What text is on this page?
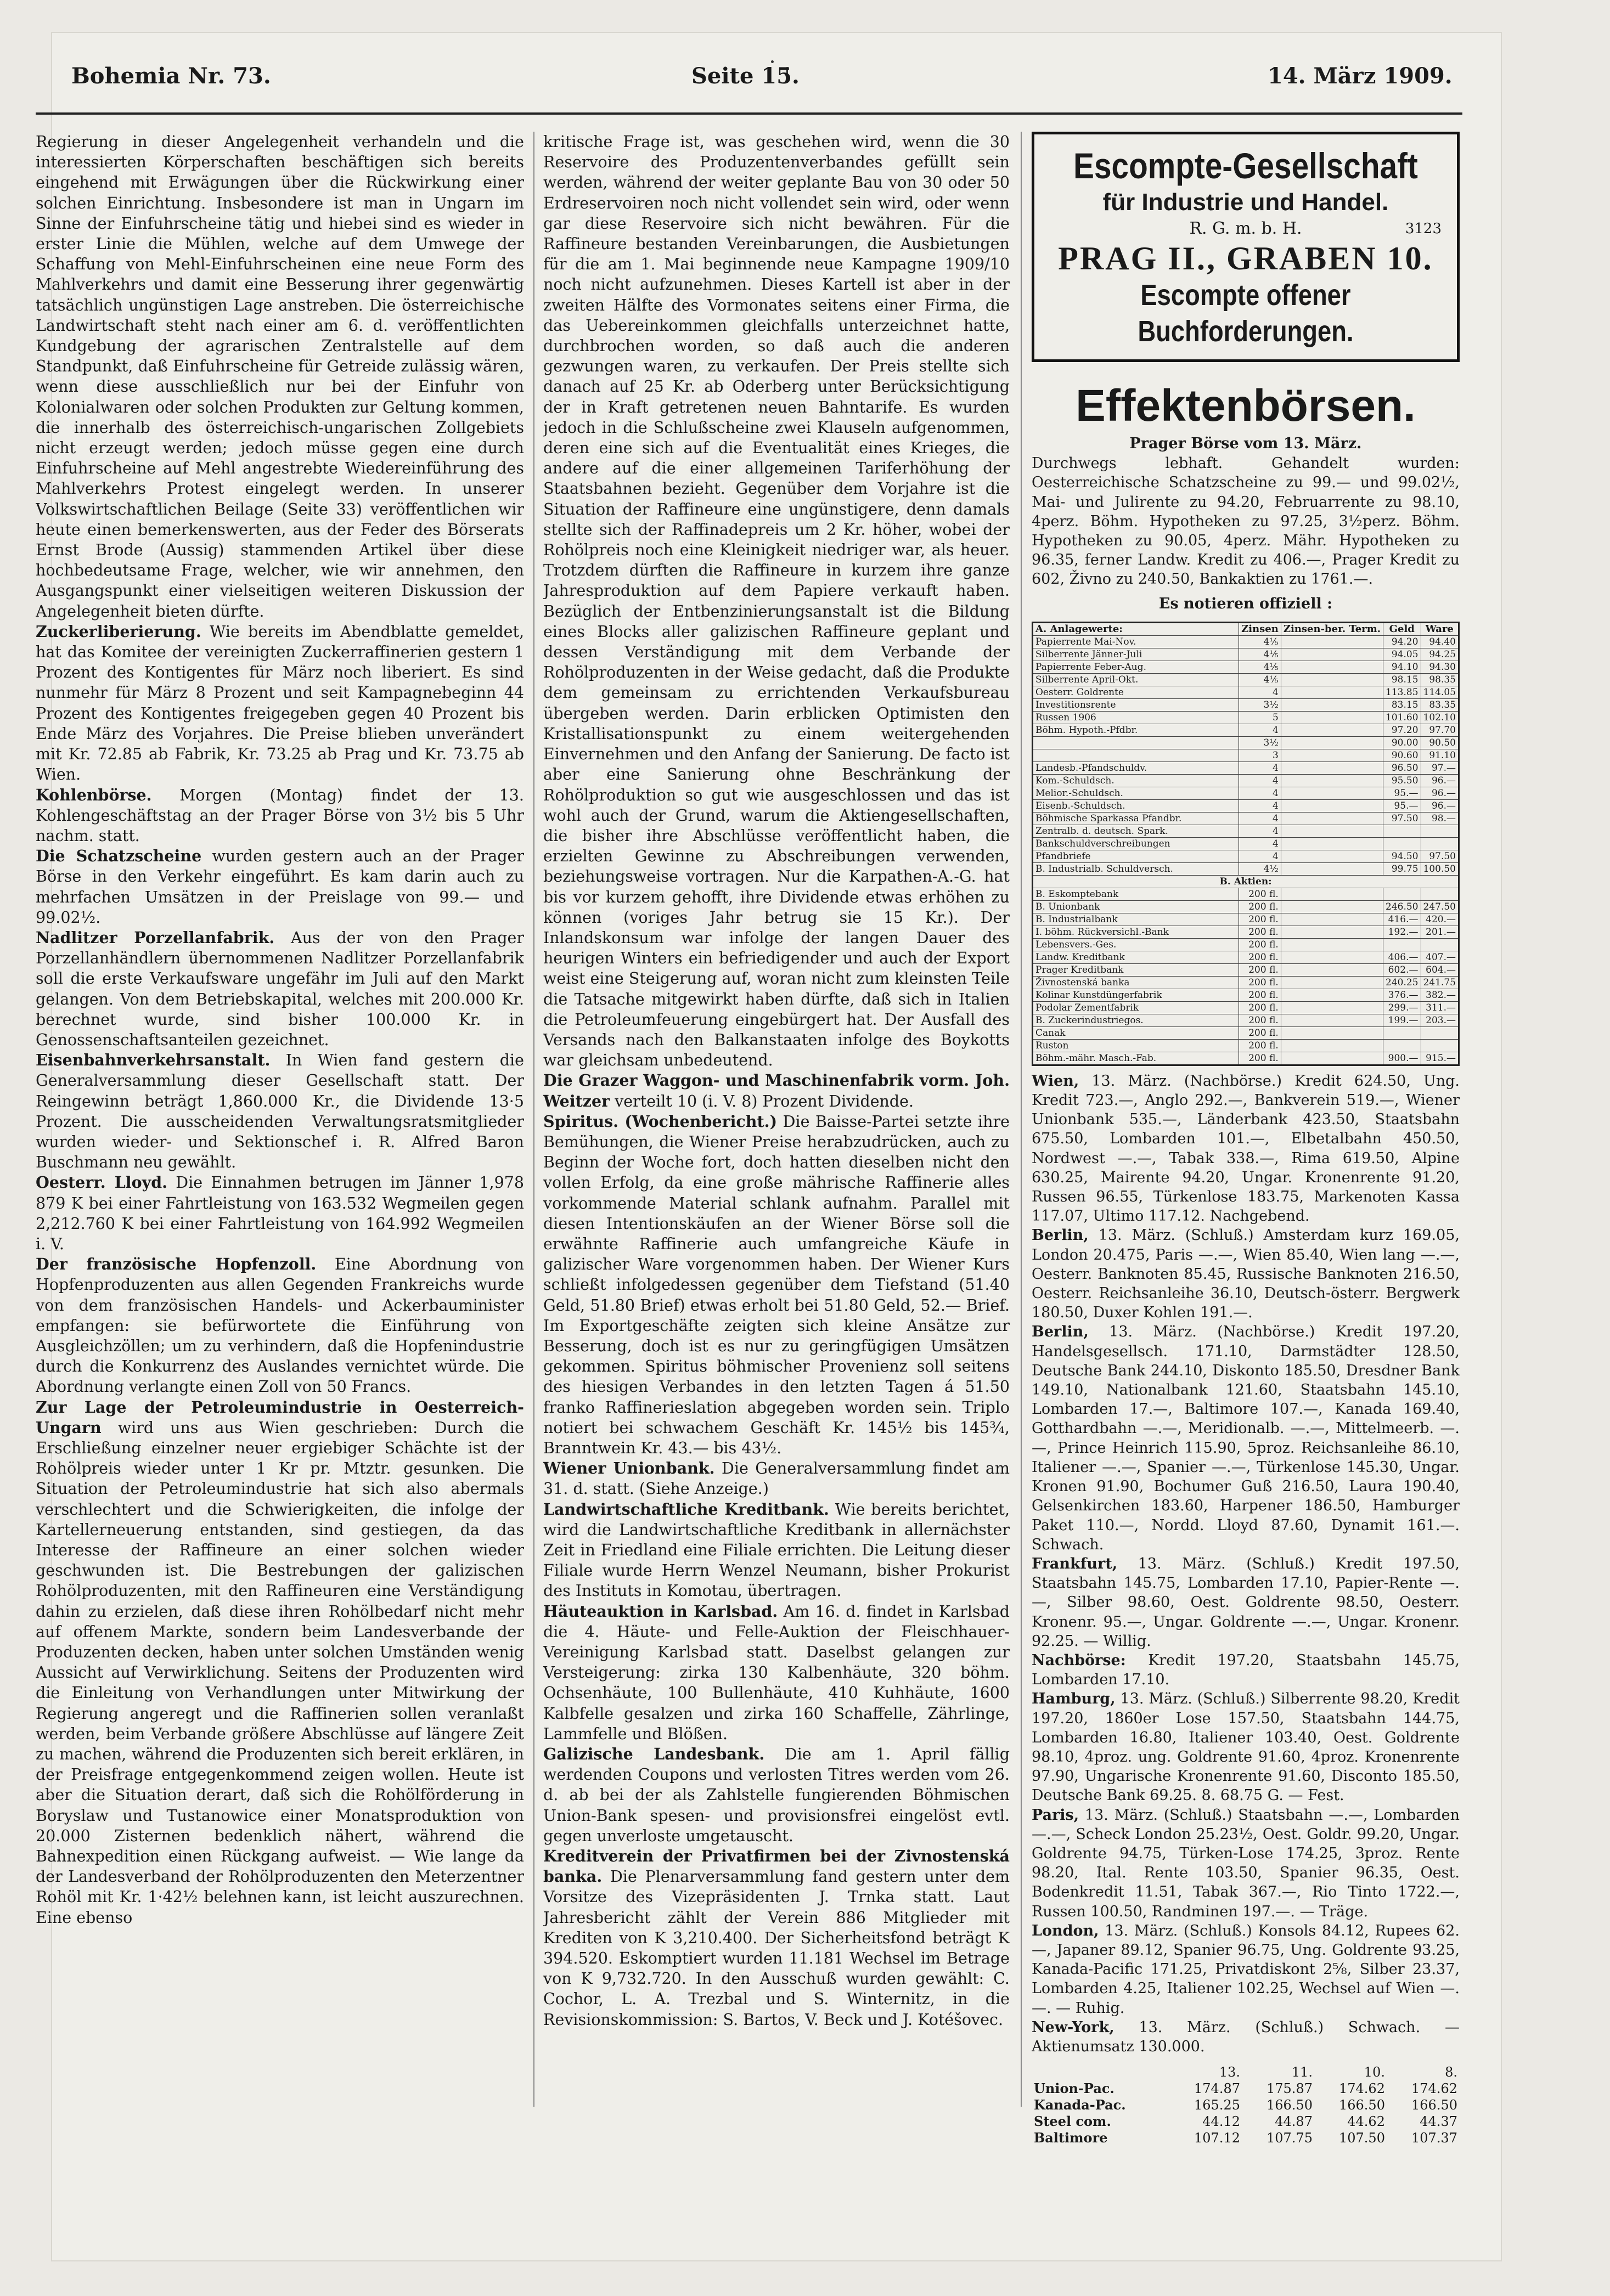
Bohemia Nr. 73.	Seite 15.	14. März 1909.

Regierung in dieser Angelegenheit verhandeln und die interessierten Körperschaften beschäftigen sich bereits eingehend mit Erwägungen über die Rückwirkung einer solchen Einrichtung. Insbesondere ist man in Ungarn im Sinne der Einfuhrscheine tätig und hiebei sind es wieder in erster Linie die Mühlen, welche auf dem Umwege der Schaffung von Mehl-Einfuhrscheinen eine neue Form des Mahlverkehrs und damit eine Besserung ihrer gegenwärtig tatsächlich ungünstigen Lage anstreben. Die österreichische Landwirtschaft steht nach einer am 6. d. veröffentlichten Kundgebung der agrarischen Zentralstelle auf dem Standpunkt, daß Einfuhrscheine für Getreide zulässig wären, wenn diese ausschließlich nur bei der Einfuhr von Kolonialwaren oder solchen Produkten zur Geltung kommen, die innerhalb des österreichisch-ungarischen Zollgebiets nicht erzeugt werden; jedoch müsse gegen eine durch Einfuhrscheine auf Mehl angestrebte Wiedereinführung des Mahlverkehrs Protest eingelegt werden. In unserer Volkswirtschaftlichen Beilage (Seite 33) veröffentlichen wir heute einen bemerkenswerten, aus der Feder des Börserats Ernst Brode (Aussig) stammenden Artikel über diese hochbedeutsame Frage, welcher, wie wir annehmen, den Ausgangspunkt einer vielseitigen weiteren Diskussion der Angelegenheit bieten dürfte.

Zuckerliberierung. Wie bereits im Abendblatte gemeldet, hat das Komitee der vereinigten Zuckerraffinerien gestern 1 Prozent des Kontigentes für März noch liberiert. Es sind nunmehr für März 8 Prozent und seit Kampagnebeginn 44 Prozent des Kontigentes freigegeben gegen 40 Prozent bis Ende März des Vorjahres. Die Preise blieben unverändert mit Kr. 72.85 ab Fabrik, Kr. 73.25 ab Prag und Kr. 73.75 ab Wien.

Kohlenbörse. Morgen (Montag) findet der 13. Kohlengeschäftstag an der Prager Börse von 3½ bis 5 Uhr nachm. statt.

Die Schatzscheine wurden gestern auch an der Prager Börse in den Verkehr eingeführt. Es kam darin auch zu mehrfachen Umsätzen in der Preislage von 99.— und 99.02½.

Nadlitzer Porzellanfabrik. Aus der von den Prager Porzellanhändlern übernommenen Nadlitzer Porzellanfabrik soll die erste Verkaufsware ungefähr im Juli auf den Markt gelangen. Von dem Betriebskapital, welches mit 200.000 Kr. berechnet wurde, sind bisher 100.000 Kr. in Genossenschaftsanteilen gezeichnet.

Eisenbahnverkehrsanstalt. In Wien fand gestern die Generalversammlung dieser Gesellschaft statt. Der Reingewinn beträgt 1,860.000 Kr., die Dividende 13·5 Prozent. Die ausscheidenden Verwaltungsratsmitglieder wurden wieder- und Sektionschef i. R. Alfred Baron Buschmann neu gewählt.

Oesterr. Lloyd. Die Einnahmen betrugen im Jänner 1,978 879 K bei einer Fahrtleistung von 163.532 Wegmeilen gegen 2,212.760 K bei einer Fahrtleistung von 164.992 Wegmeilen i. V.

Der französische Hopfenzoll. Eine Abordnung von Hopfenproduzenten aus allen Gegenden Frankreichs wurde von dem französischen Handels- und Ackerbauminister empfangen: sie befürwortete die Einführung von Ausgleichzöllen; um zu verhindern, daß die Hopfenindustrie durch die Konkurrenz des Auslandes vernichtet würde. Die Abordnung verlangte einen Zoll von 50 Francs.

Zur Lage der Petroleumindustrie in Oesterreich-Ungarn wird uns aus Wien geschrieben: Durch die Erschließung einzelner neuer ergiebiger Schächte ist der Rohölpreis wieder unter 1 Kr pr. Mtztr. gesunken. Die Situation der Petroleumindustrie hat sich also abermals verschlechtert und die Schwierigkeiten, die infolge der Kartellerneuerung entstanden, sind gestiegen, da das Interesse der Raffineure an einer solchen wieder geschwunden ist. Die Bestrebungen der galizischen Rohölproduzenten, mit den Raffineuren eine Verständigung dahin zu erzielen, daß diese ihren Rohölbedarf nicht mehr auf offenem Markte, sondern beim Landesverbande der Produzenten decken, haben unter solchen Umständen wenig Aussicht auf Verwirklichung. Seitens der Produzenten wird die Einleitung von Verhandlungen unter Mitwirkung der Regierung angeregt und die Raffinerien sollen veranlaßt werden, beim Verbande größere Abschlüsse auf längere Zeit zu machen, während die Produzenten sich bereit erklären, in der Preisfrage entgegenkommend zeigen wollen. Heute ist aber die Situation derart, daß sich die Rohölförderung in Boryslaw und Tustanowice einer Monatsproduktion von 20.000 Zisternen bedenklich nähert, während die Bahnexpedition einen Rückgang aufweist. — Wie lange da der Landesverband der Rohölproduzenten den Meterzentner Rohöl mit Kr. 1·42½ belehnen kann, ist leicht auszurechnen. Eine ebenso

kritische Frage ist, was geschehen wird, wenn die 30 Reservoire des Produzentenverbandes gefüllt sein werden, während der weiter geplante Bau von 30 oder 50 Erdreservoiren noch nicht vollendet sein wird, oder wenn gar diese Reservoire sich nicht bewähren. Für die Raffineure bestanden Vereinbarungen, die Ausbietungen für die am 1. Mai beginnende neue Kampagne 1909/10 noch nicht aufzunehmen. Dieses Kartell ist aber in der zweiten Hälfte des Vormonates seitens einer Firma, die das Uebereinkommen gleichfalls unterzeichnet hatte, durchbrochen worden, so daß auch die anderen gezwungen waren, zu verkaufen. Der Preis stellte sich danach auf 25 Kr. ab Oderberg unter Berücksichtigung der in Kraft getretenen neuen Bahntarife. Es wurden jedoch in die Schlußscheine zwei Klauseln aufgenommen, deren eine sich auf die Eventualität eines Krieges, die andere auf die einer allgemeinen Tariferhöhung der Staatsbahnen bezieht. Gegenüber dem Vorjahre ist die Situation der Raffineure eine ungünstigere, denn damals stellte sich der Raffinadepreis um 2 Kr. höher, wobei der Rohölpreis noch eine Kleinigkeit niedriger war, als heuer. Trotzdem dürften die Raffineure in kurzem ihre ganze Jahresproduktion auf dem Papiere verkauft haben. Bezüglich der Entbenzinierungsanstalt ist die Bildung eines Blocks aller galizischen Raffineure geplant und dessen Verständigung mit dem Verbande der Rohölproduzenten in der Weise gedacht, daß die Produkte dem gemeinsam zu errichtenden Verkaufsbureau übergeben werden. Darin erblicken Optimisten den Kristallisationspunkt zu einem weitergehenden Einvernehmen und den Anfang der Sanierung. De facto ist aber eine Sanierung ohne Beschränkung der Rohölproduktion so gut wie ausgeschlossen und das ist wohl auch der Grund, warum die Aktiengesellschaften, die bisher ihre Abschlüsse veröffentlicht haben, die erzielten Gewinne zu Abschreibungen verwenden, beziehungsweise vortragen. Nur die Karpathen-A.-G. hat bis vor kurzem gehofft, ihre Dividende etwas erhöhen zu können (voriges Jahr betrug sie 15 Kr.). Der Inlandskonsum war infolge der langen Dauer des heurigen Winters ein befriedigender und auch der Export weist eine Steigerung auf, woran nicht zum kleinsten Teile die Tatsache mitgewirkt haben dürfte, daß sich in Italien die Petroleumfeuerung eingebürgert hat. Der Ausfall des Versands nach den Balkanstaaten infolge des Boykotts war gleichsam unbedeutend.

Die Grazer Waggon- und Maschinenfabrik vorm. Joh. Weitzer verteilt 10 (i. V. 8) Prozent Dividende.

Spiritus. (Wochenbericht.) Die Baisse-Partei setzte ihre Bemühungen, die Wiener Preise herabzudrücken, auch zu Beginn der Woche fort, doch hatten dieselben nicht den vollen Erfolg, da eine große mährische Raffinerie alles vorkommende Material schlank aufnahm. Parallel mit diesen Intentionskäufen an der Wiener Börse soll die erwähnte Raffinerie auch umfangreiche Käufe in galizischer Ware vorgenommen haben. Der Wiener Kurs schließt infolgedessen gegenüber dem Tiefstand (51.40 Geld, 51.80 Brief) etwas erholt bei 51.80 Geld, 52.— Brief. Im Exportgeschäfte zeigten sich kleine Ansätze zur Besserung, doch ist es nur zu geringfügigen Umsätzen gekommen. Spiritus böhmischer Provenienz soll seitens des hiesigen Verbandes in den letzten Tagen á 51.50 franko Raffinerieslation abgegeben worden sein. Triplo notiert bei schwachem Geschäft Kr. 145½ bis 145¾, Branntwein Kr. 43.— bis 43½.

Wiener Unionbank. Die Generalversammlung findet am 31. d. statt. (Siehe Anzeige.)

Landwirtschaftliche Kreditbank. Wie bereits berichtet, wird die Landwirtschaftliche Kreditbank in allernächster Zeit in Friedland eine Filiale errichten. Die Leitung dieser Filiale wurde Herrn Wenzel Neumann, bisher Prokurist des Instituts in Komotau, übertragen.

Häuteauktion in Karlsbad. Am 16. d. findet in Karlsbad die 4. Häute- und Felle-Auktion der Fleischhauer-Vereinigung Karlsbad statt. Daselbst gelangen zur Versteigerung: zirka 130 Kalbenhäute, 320 böhm. Ochsenhäute, 100 Bullenhäute, 410 Kuhhäute, 1600 Kalbfelle gesalzen und zirka 160 Schaffelle, Zährlinge, Lammfelle und Blößen.

Galizische Landesbank. Die am 1. April fällig werdenden Coupons und verlosten Titres werden vom 26. d. ab bei der als Zahlstelle fungierenden Böhmischen Union-Bank spesen- und provisionsfrei eingelöst evtl. gegen unverloste umgetauscht.

Kreditverein der Privatfirmen bei der Zivnostenská banka. Die Plenarversammlung fand gestern unter dem Vorsitze des Vizepräsidenten J. Trnka statt. Laut Jahresbericht zählt der Verein 886 Mitglieder mit Krediten von K 3,210.400. Der Sicherheitsfond beträgt K 394.520. Eskomptiert wurden 11.181 Wechsel im Betrage von K 9,732.720. In den Ausschuß wurden gewählt: C. Cochor, L. A. Trezbal und S. Winternitz, in die Revisionskommission: S. Bartos, V. Beck und J. Kotéšovec.

Escompte-Gesellschaft
für Industrie und Handel.
R. G. m. b. H.	3123
PRAG II., GRABEN 10.
Escompte offener Buchforderungen.
Effektenbörsen.
Prager Börse vom 13. März.

Durchwegs lebhaft. Gehandelt wurden: Oesterreichische Schatzscheine zu 99.— und 99.02½, Mai- und Julirente zu 94.20, Februarrente zu 98.10, 4perz. Böhm. Hypotheken zu 97.25, 3½perz. Böhm. Hypotheken zu 90.05, 4perz. Mähr. Hypotheken zu 96.35, ferner Landw. Kredit zu 406.—, Prager Kredit zu 602, Živno zu 240.50, Bankaktien zu 1761.—.

Es notieren offiziell :
A. Anlagewerte:	Zinsen	Zinsen-ber. Term.	Geld	Ware
Papierrente Mai-Nov.	4⅕		94.20	94.40
Silberrente Jänner-Juli	4⅕		94.05	94.25
Papierrente Feber-Aug.	4⅕		94.10	94.30
Silberrente April-Okt.	4⅕		98.15	98.35
Oesterr. Goldrente	4		113.85	114.05
Investitionsrente	3½		83.15	83.35
Russen 1906	5		101.60	102.10
Böhm. Hypoth.-Pfdbr.	4		97.20	97.70
	3½		90.00	90.50
	3		90.60	91.10
Landesb.-Pfandschuldv.	4		96.50	97.—
Kom.-Schuldsch.	4		95.50	96.—
Melior.-Schuldsch.	4		95.—	96.—
Eisenb.-Schuldsch.	4		95.—	96.—
Böhmische Sparkassa Pfandbr.	4		97.50	98.—
Zentralb. d. deutsch. Spark.	4			
Bankschuldverschreibungen	4			
Pfandbriefe	4		94.50	97.50
B. Industrialb. Schuldversch.	4½		99.75	100.50
B. Aktien:				
B. Eskomptebank	200 fl.			
B. Unionbank	200 fl.		246.50	247.50
B. Industrialbank	200 fl.		416.—	420.—
I. böhm. Rückversichl.-Bank	200 fl.		192.—	201.—
Lebensvers.-Ges.	200 fl.			
Landw. Kreditbank	200 fl.		406.—	407.—
Prager Kreditbank	200 fl.		602.—	604.—
Živnostenská banka	200 fl.		240.25	241.75
Kolinar Kunstdüngerfabrik	200 fl.		376.—	382.—
Podolar Zementfabrik	200 fl.		299.—	311.—
B. Zuckerindustriegos.	200 fl.		199.—	203.—
Canak	200 fl.			
Ruston	200 fl.			
Böhm.-mähr. Masch.-Fab.	200 fl.		900.—	915.—

Wien, 13. März. (Nachbörse.) Kredit 624.50, Ung. Kredit 723.—, Anglo 292.—, Bankverein 519.—, Wiener Unionbank 535.—, Länderbank 423.50, Staatsbahn 675.50, Lombarden 101.—, Elbetalbahn 450.50, Nordwest —.—, Tabak 338.—, Rima 619.50, Alpine 630.25, Mairente 94.20, Ungar. Kronenrente 91.20, Russen 96.55, Türkenlose 183.75, Markenoten Kassa 117.07, Ultimo 117.12. Nachgebend.

Berlin, 13. März. (Schluß.) Amsterdam kurz 169.05, London 20.475, Paris —.—, Wien 85.40, Wien lang —.—, Oesterr. Banknoten 85.45, Russische Banknoten 216.50, Oesterr. Reichsanleihe 36.10, Deutsch-österr. Bergwerk 180.50, Duxer Kohlen 191.—.

Berlin, 13. März. (Nachbörse.) Kredit 197.20, Handelsgesellsch. 171.10, Darmstädter 128.50, Deutsche Bank 244.10, Diskonto 185.50, Dresdner Bank 149.10, Nationalbank 121.60, Staatsbahn 145.10, Lombarden 17.—, Baltimore 107.—, Kanada 169.40, Gotthardbahn —.—, Meridionalb. —.—, Mittelmeerb. —.—, Prince Heinrich 115.90, 5proz. Reichsanleihe 86.10, Italiener —.—, Spanier —.—, Türkenlose 145.30, Ungar. Kronen 91.90, Bochumer Guß 216.50, Laura 190.40, Gelsenkirchen 183.60, Harpener 186.50, Hamburger Paket 110.—, Nordd. Lloyd 87.60, Dynamit 161.—. Schwach.

Frankfurt, 13. März. (Schluß.) Kredit 197.50, Staatsbahn 145.75, Lombarden 17.10, Papier-Rente —.—, Silber 98.60, Oest. Goldrente 98.50, Oesterr. Kronenr. 95.—, Ungar. Goldrente —.—, Ungar. Kronenr. 92.25. — Willig.

Nachbörse: Kredit 197.20, Staatsbahn 145.75, Lombarden 17.10.

Hamburg, 13. März. (Schluß.) Silberrente 98.20, Kredit 197.20, 1860er Lose 157.50, Staatsbahn 144.75, Lombarden 16.80, Italiener 103.40, Oest. Goldrente 98.10, 4proz. ung. Goldrente 91.60, 4proz. Kronenrente 97.90, Ungarische Kronenrente 91.60, Disconto 185.50, Deutsche Bank 69.25. 8. 68.75 G. — Fest.

Paris, 13. März. (Schluß.) Staatsbahn —.—, Lombarden —.—, Scheck London 25.23½, Oest. Goldr. 99.20, Ungar. Goldrente 94.75, Türken-Lose 174.25, 3proz. Rente 98.20, Ital. Rente 103.50, Spanier 96.35, Oest. Bodenkredit 11.51, Tabak 367.—, Rio Tinto 1722.—, Russen 100.50, Randminen 197.—. — Träge.

London, 13. März. (Schluß.) Konsols 84.12, Rupees 62.—, Japaner 89.12, Spanier 96.75, Ung. Goldrente 93.25, Kanada-Pacific 171.25, Privatdiskont 2⅝, Silber 23.37, Lombarden 4.25, Italiener 102.25, Wechsel auf Wien —.—. — Ruhig.

New-York, 13. März. (Schluß.) Schwach. — Aktienumsatz 130.000.

	13.	11.	10.	8.
Union-Pac.	174.87	175.87	174.62	174.62
Kanada-Pac.	165.25	166.50	166.50	166.50
Steel com.	44.12	44.87	44.62	44.37
Baltimore	107.12	107.75	107.50	107.37
